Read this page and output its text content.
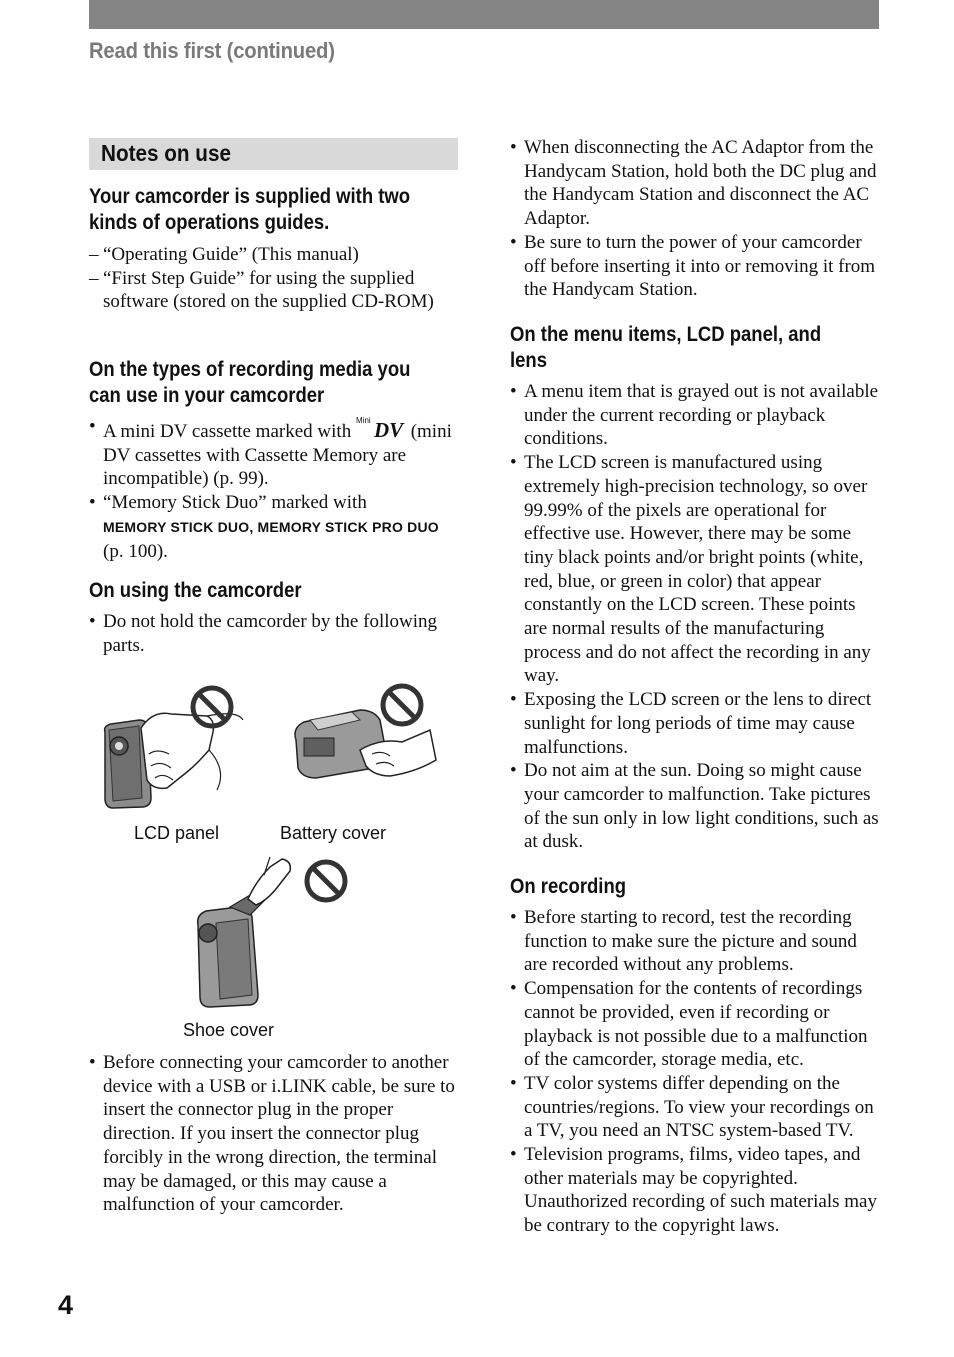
Read this first (continued)
Notes on use
Your camcorder is supplied with two
kinds of operations guides.
– “Operating Guide” (This manual)
– “First Step Guide” for using the supplied software (stored on the supplied CD-ROM)
On the types of recording media you
can use in your camcorder
• A mini DV cassette marked with
Mini DV (mini DV cassettes with Cassette Memory are incompatible) (p. 99).
• “Memory Stick Duo” marked with
MEMORY STICK DUO, MEMORY STICK PRO DUO
(p. 100).
On using the camcorder
• Do not hold the camcorder by the following parts.
LCD panel	Battery cover
Shoe cover
• Before connecting your camcorder to another device with a USB or i.LINK cable, be sure to insert the connector plug in the proper direction. If you insert the connector plug forcibly in the wrong direction, the terminal may be damaged, or this may cause a malfunction of your camcorder.
• When disconnecting the AC Adaptor from the Handycam Station, hold both the DC plug and the Handycam Station and disconnect the AC Adaptor.
• Be sure to turn the power of your camcorder off before inserting it into or removing it from the Handycam Station.
On the menu items, LCD panel, and
lens
• A menu item that is grayed out is not available under the current recording or playback conditions.
• The LCD screen is manufactured using extremely high-precision technology, so over 99.99% of the pixels are operational for effective use. However, there may be some tiny black points and/or bright points (white, red, blue, or green in color) that appear constantly on the LCD screen. These points are normal results of the manufacturing process and do not affect the recording in any way.
• Exposing the LCD screen or the lens to direct sunlight for long periods of time may cause malfunctions.
• Do not aim at the sun. Doing so might cause your camcorder to malfunction. Take pictures of the sun only in low light conditions, such as at dusk.
On recording
• Before starting to record, test the recording function to make sure the picture and sound are recorded without any problems.
• Compensation for the contents of recordings cannot be provided, even if recording or playback is not possible due to a malfunction of the camcorder, storage media, etc.
• TV color systems differ depending on the countries/regions. To view your recordings on a TV, you need an NTSC system-based TV.
• Television programs, films, video tapes, and other materials may be copyrighted. Unauthorized recording of such materials may be contrary to the copyright laws.
4
